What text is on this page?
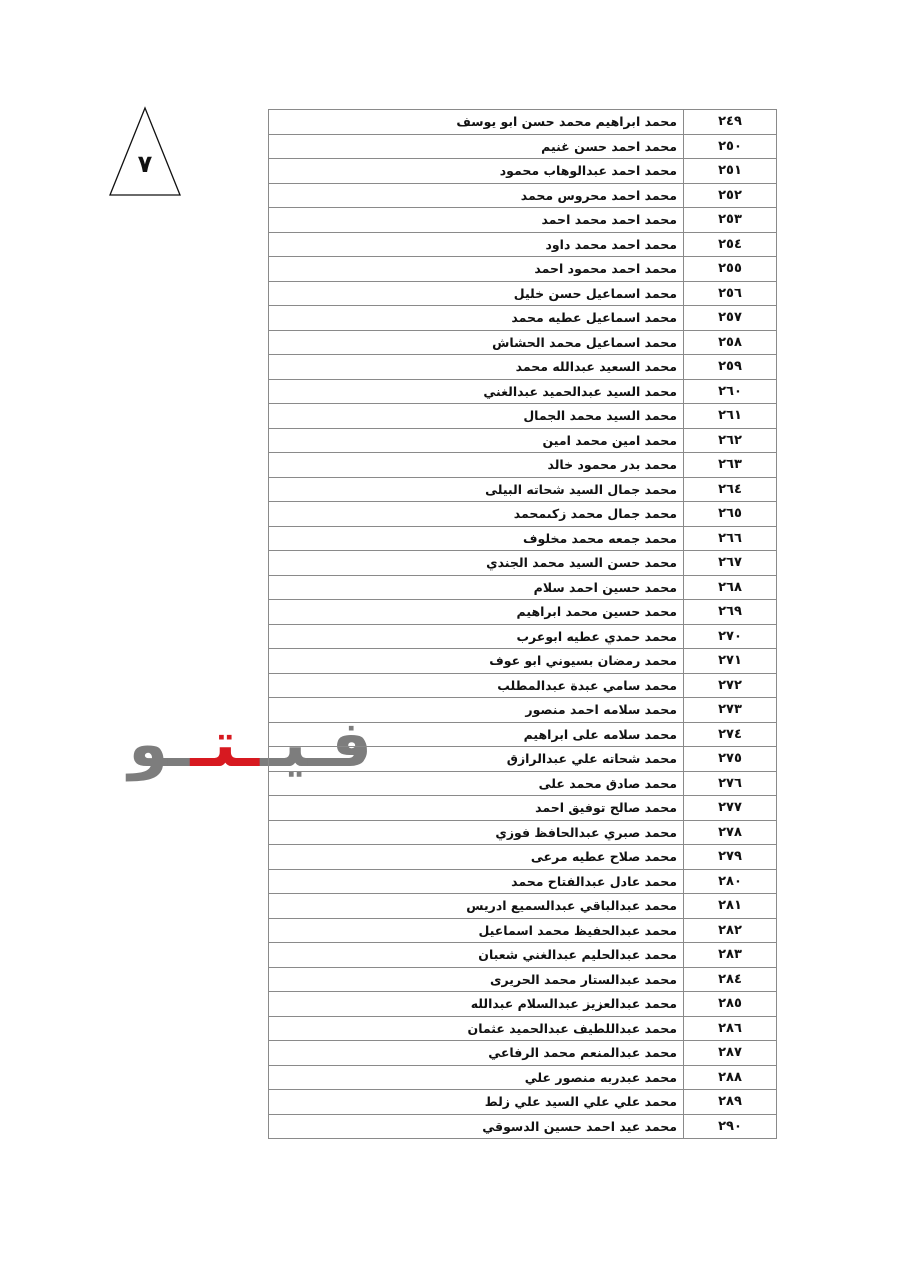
٧
فـيــتــو
٢٤٩	محمد ابراهيم محمد حسن ابو يوسف
٢٥٠	محمد احمد حسن غنيم
٢٥١	محمد احمد عبدالوهاب محمود
٢٥٢	محمد احمد محروس محمد
٢٥٣	محمد احمد محمد احمد
٢٥٤	محمد احمد محمد داود
٢٥٥	محمد احمد محمود احمد
٢٥٦	محمد اسماعيل حسن خليل
٢٥٧	محمد اسماعيل عطيه محمد
٢٥٨	محمد اسماعيل محمد الحشاش
٢٥٩	محمد السعيد عبدالله محمد
٢٦٠	محمد السيد عبدالحميد عبدالغني
٢٦١	محمد السيد محمد الجمال
٢٦٢	محمد امين محمد امين
٢٦٣	محمد بدر محمود خالد
٢٦٤	محمد جمال السيد شحاته البيلى
٢٦٥	محمد جمال محمد زكىمحمد
٢٦٦	محمد جمعه محمد مخلوف
٢٦٧	محمد حسن السيد محمد الجندي
٢٦٨	محمد حسين احمد سلام
٢٦٩	محمد حسين محمد ابراهيم
٢٧٠	محمد حمدي عطيه ابوعرب
٢٧١	محمد رمضان بسيوني ابو عوف
٢٧٢	محمد سامي عبدة عبدالمطلب
٢٧٣	محمد سلامه احمد منصور
٢٧٤	محمد سلامه على ابراهيم
٢٧٥	محمد شحاته علي عبدالرازق
٢٧٦	محمد صادق محمد على
٢٧٧	محمد صالح توفيق احمد
٢٧٨	محمد صبري عبدالحافظ فوزي
٢٧٩	محمد صلاح عطيه مرعى
٢٨٠	محمد عادل عبدالفتاح محمد
٢٨١	محمد عبدالباقي عبدالسميع ادريس
٢٨٢	محمد عبدالحفيظ محمد اسماعيل
٢٨٣	محمد عبدالحليم عبدالغني شعبان
٢٨٤	محمد عبدالستار محمد الحريرى
٢٨٥	محمد عبدالعزيز عبدالسلام عبدالله
٢٨٦	محمد عبداللطيف عبدالحميد عثمان
٢٨٧	محمد عبدالمنعم محمد الرفاعي
٢٨٨	محمد عبدربه منصور علي
٢٨٩	محمد علي علي السيد علي زلط
٢٩٠	محمد عيد احمد حسين الدسوقي
